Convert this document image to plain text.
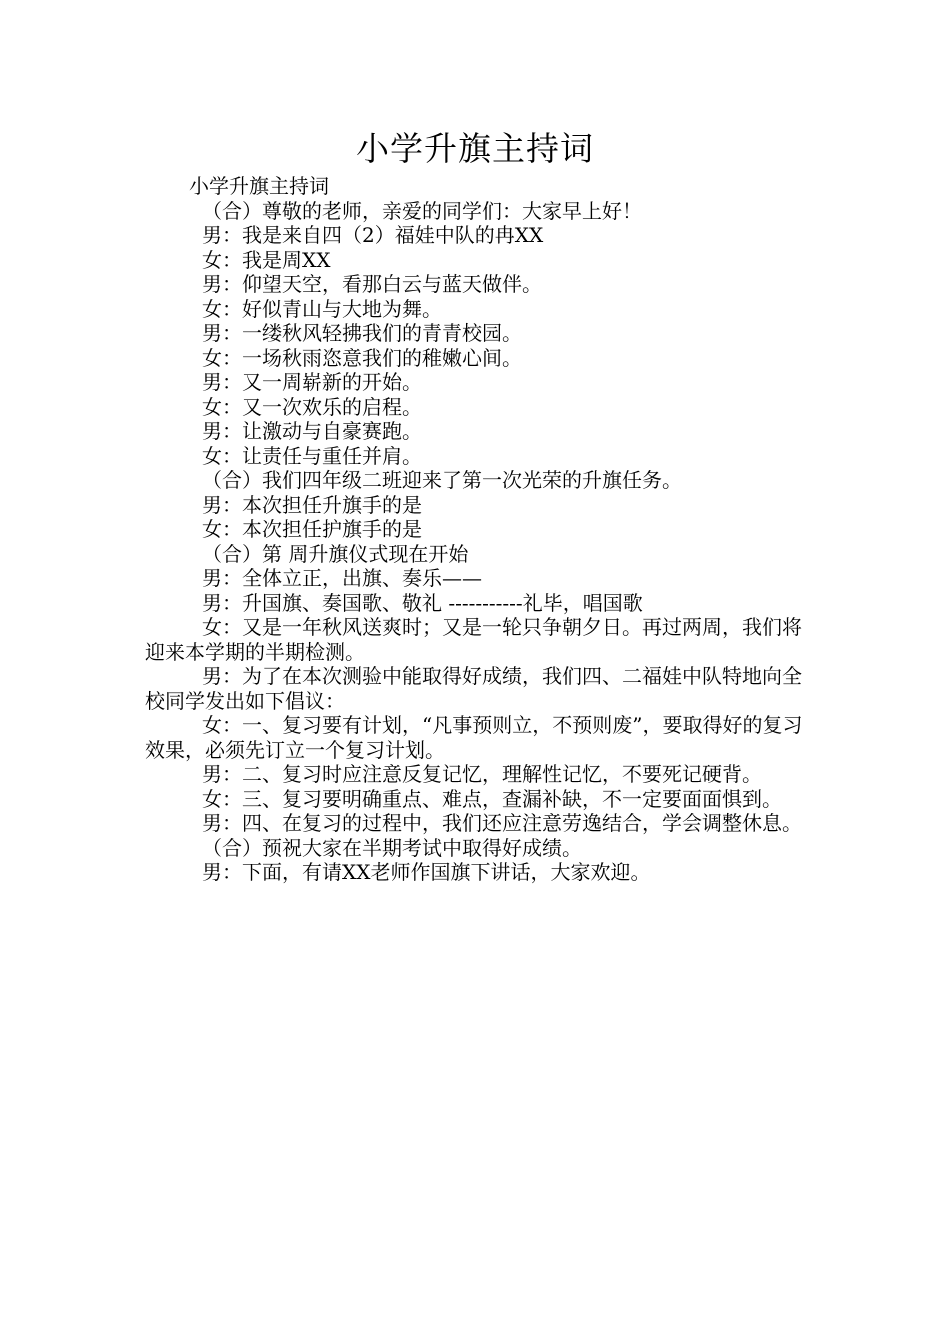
小学升旗主持词
小学升旗主持词
（合）尊敬的老师，亲爱的同学们：大家早上好！
男：我是来自四（2）福娃中队的冉XX
女：我是周XX
男：仰望天空，看那白云与蓝天做伴。
女：好似青山与大地为舞。
男：一缕秋风轻拂我们的青青校园。
女：一场秋雨恣意我们的稚嫩心间。
男：又一周崭新的开始。
女：又一次欢乐的启程。
男：让激动与自豪赛跑。
女：让责任与重任并肩。
（合）我们四年级二班迎来了第一次光荣的升旗任务。
男：本次担任升旗手的是
女：本次担任护旗手的是
（合）第 周升旗仪式现在开始
男：全体立正，出旗、奏乐——
男：升国旗、奏国歌、敬礼 -----------礼毕，唱国歌
女：又是一年秋风送爽时；又是一轮只争朝夕日。再过两周，我们将迎来本学期的半期检测。
男：为了在本次测验中能取得好成绩，我们四、二福娃中队特地向全校同学发出如下倡议：
女：一、复习要有计划，“凡事预则立，不预则废”，要取得好的复习效果，必须先订立一个复习计划。
男：二、复习时应注意反复记忆，理解性记忆，不要死记硬背。
女：三、复习要明确重点、难点，查漏补缺，不一定要面面惧到。
男：四、在复习的过程中，我们还应注意劳逸结合，学会调整休息。
（合）预祝大家在半期考试中取得好成绩。
男：下面，有请XX老师作国旗下讲话，大家欢迎。
